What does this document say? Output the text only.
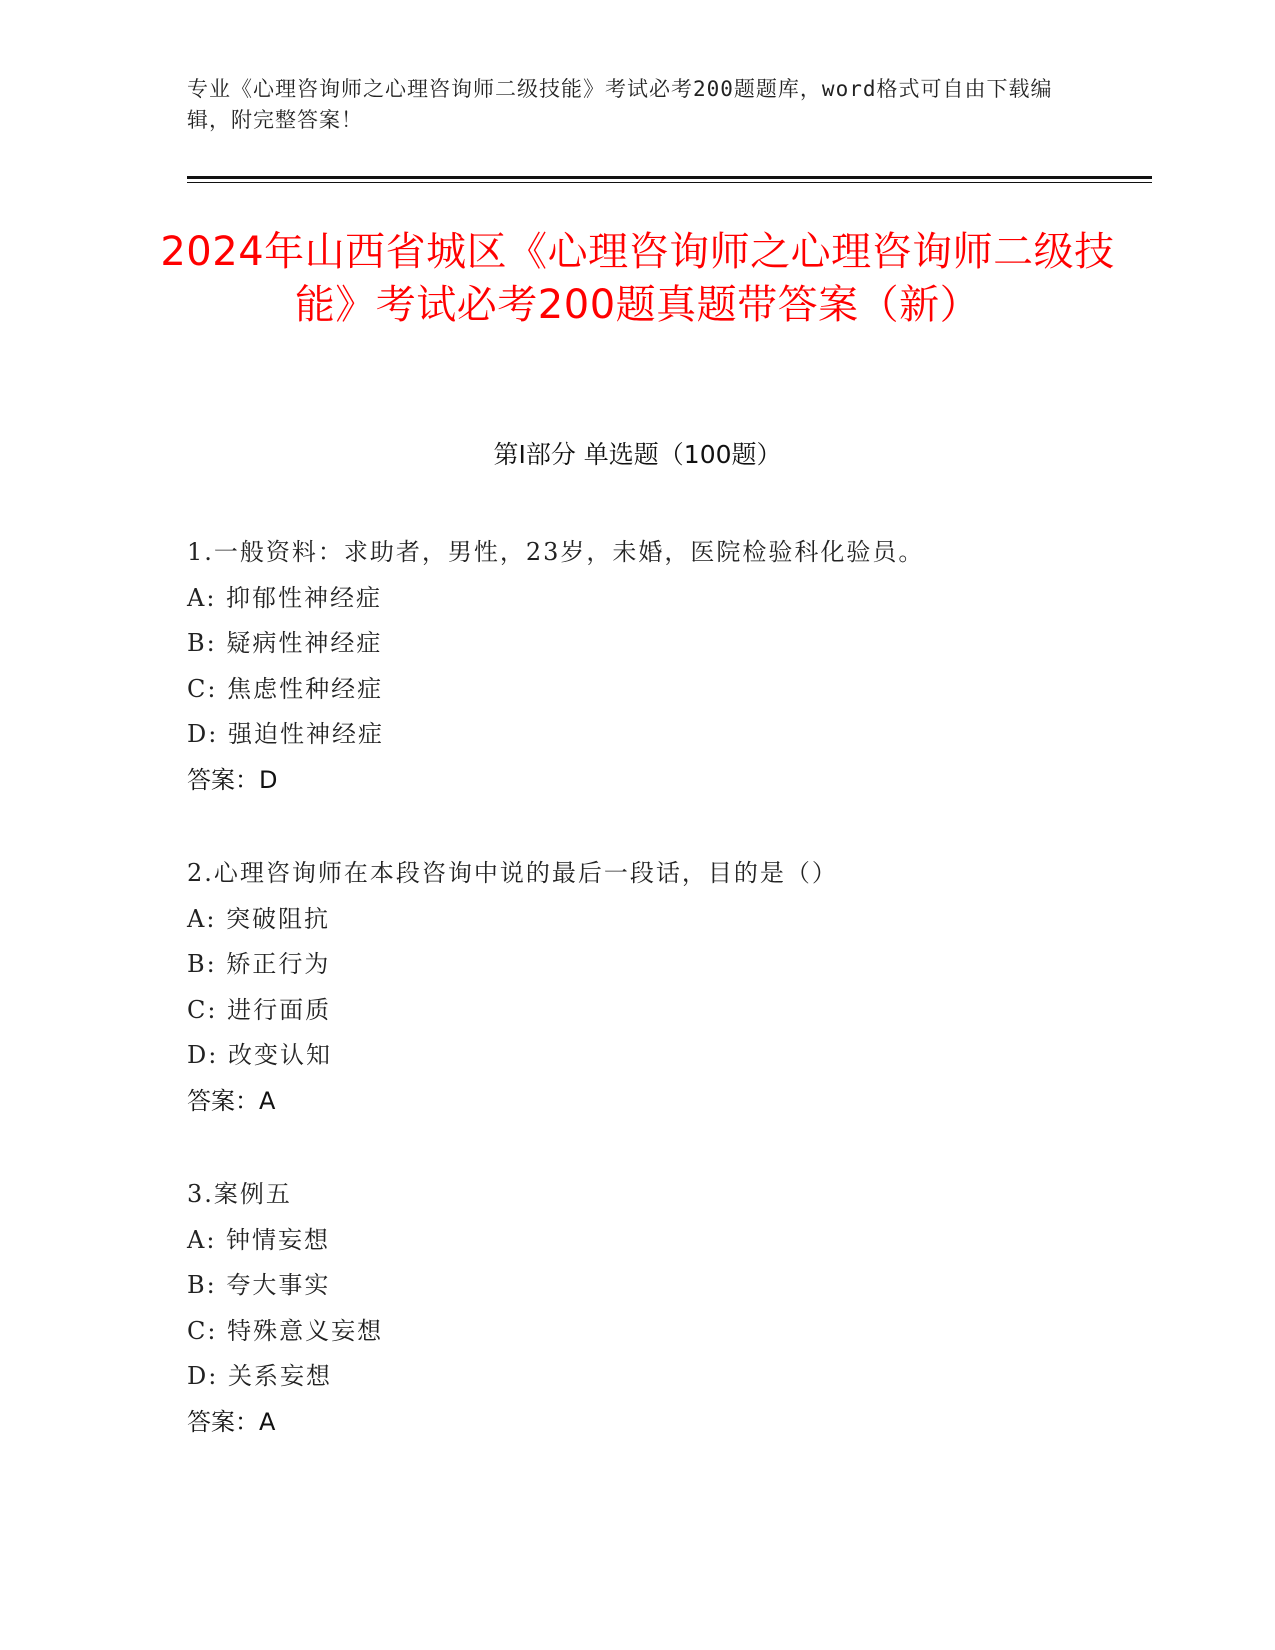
专业《心理咨询师之心理咨询师二级技能》考试必考200题题库，word格式可自由下载编辑，附完整答案！
2024年山西省城区《心理咨询师之心理咨询师二级技能》考试必考200题真题带答案（新）
第I部分 单选题（100题）
1.一般资料：求助者，男性，23岁，未婚，医院检验科化验员。
A: 抑郁性神经症
B: 疑病性神经症
C: 焦虑性种经症
D: 强迫性神经症
答案：D
2.心理咨询师在本段咨询中说的最后一段话，目的是（）
A: 突破阻抗
B: 矫正行为
C: 进行面质
D: 改变认知
答案：A
3.案例五
A: 钟情妄想
B: 夸大事实
C: 特殊意义妄想
D: 关系妄想
答案：A
